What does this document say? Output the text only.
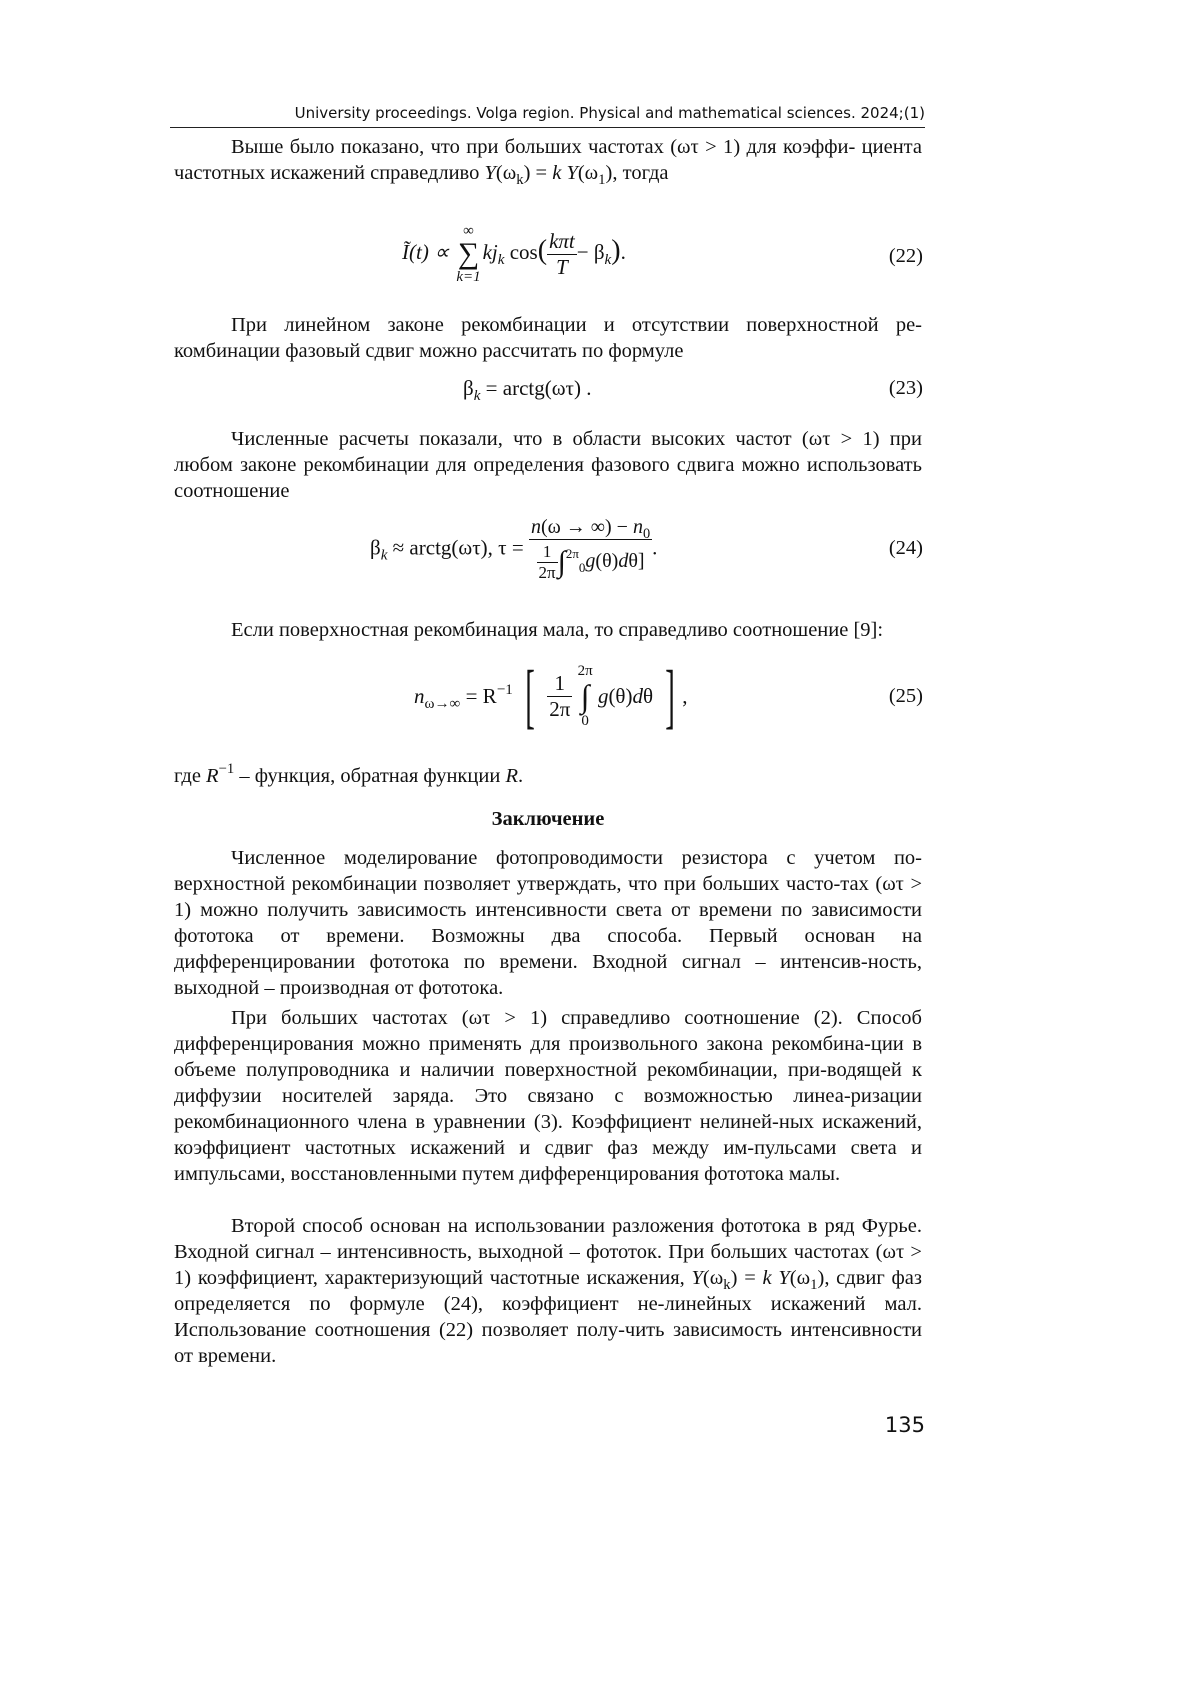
University proceedings. Volga region. Physical and mathematical sciences. 2024;(1)
Выше было показано, что при больших частотах (ωτ > 1) для коэффи- циента частотных искажений справедливо $Y(\omega_k) = k$ $Y(\omega_1)$, тогда
Ĩ(t) ∝
∞
∑
k=1
$kj_k$ $\cos( \frac{\text{kπt}}{T} - \beta_k)$.	(22)
При линейном законе рекомбинации и отсутствии поверхностной ре-комбинации фазовый сдвиг можно рассчитать по формуле
$\beta_k$ = arctg(ωτ) .	(23)
Численные расчеты показали, что в области высоких частот (ωτ > 1) при любом законе рекомбинации для определения фазового сдвига можно использовать соотношение
$\beta_k$ ≈ arctg(ωτ), $\tau = \frac{n(\omega \to \infty) - n_0}{\frac{1}{2\pi} \int^{2\pi}_0g(\theta)d\theta]}$ .	(24)
Если поверхностная рекомбинация мала, то справедливо соотношение [9]:
$n_{\omega\to\infty} = R^{-1}$ [ $\frac{1}{2\pi}$
2π
∫
0
g(θ)dθ ] ,	(25)
где $R^{-1}$ – функция, обратная функции R.
Заключение
Численное моделирование фотопроводимости резистора с учетом по-верхностной рекомбинации позволяет утверждать, что при больших часто-тах (ωτ > 1) можно получить зависимость интенсивности света от времени по зависимости фототока от времени. Возможны два способа. Первый основан на дифференцировании фототока по времени. Входной сигнал – интенсив-ность, выходной – производная от фототока.
При больших частотах (ωτ > 1) справедливо соотношение (2). Способ дифференцирования можно применять для произвольного закона рекомбина-ции в объеме полупроводника и наличии поверхностной рекомбинации, при-водящей к диффузии носителей заряда. Это связано с возможностью линеа-ризации рекомбинационного члена в уравнении (3). Коэффициент нелиней-ных искажений, коэффициент частотных искажений и сдвиг фаз между им-пульсами света и импульсами, восстановленными путем дифференцирования фототока малы.
Второй способ основан на использовании разложения фототока в ряд Фурье. Входной сигнал – интенсивность, выходной – фототок. При больших частотах (ωτ > 1) коэффициент, характеризующий частотные искажения, $Y(\omega_k) = k$ $Y(\omega_1)$, сдвиг фаз определяется по формуле (24), коэффициент не-линейных искажений мал. Использование соотношения (22) позволяет полу-чить зависимость интенсивности от времени.
135
